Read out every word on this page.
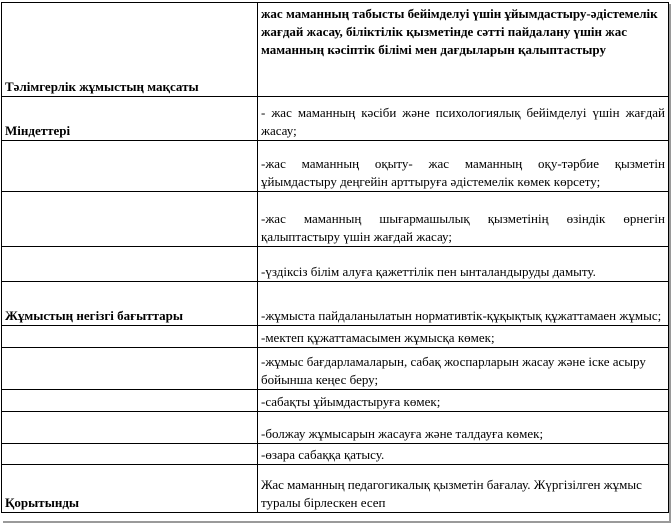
Тәлімгерлік жұмыстың мақсаты	жас маманның табысты бейімделуі үшін ұйымдастыру-әдістемелік жағдай жасау, біліктілік қызметінде сәтті пайдалану үшін жас маманның кәсіптік білімі мен дағдыларын қалыптастыру
Міндеттері	- жас маманның кәсіби және психологиялық бейімделуі үшін жағдай жасау;
	-жас маманның оқыту- жас маманның оқу-тәрбие қызметін ұйымдастыру деңгейін арттыруға әдістемелік көмек көрсету;
	-жас маманның шығармашылық қызметінің өзіндік өрнегін қалыптастыру үшін жағдай жасау;
	-үздіксіз білім алуға қажеттілік пен ынталандыруды дамыту.
Жұмыстың негізгі бағыттары	-жұмыста пайдаланылатын нормативтік-құқықтық құжаттамаен жұмыс;
	-мектеп құжаттамасымен жұмысқа көмек;
	-жұмыс бағдарламаларын, сабақ жоспарларын жасау және іске асыру бойынша кеңес беру;
	-сабақты ұйымдастыруға көмек;
	-болжау жұмысарын жасауға және талдауға көмек;
	-өзара сабаққа қатысу.
Қорытынды	Жас маманның педагогикалық қызметін бағалау. Жүргізілген жұмыс туралы бірлескен есеп
